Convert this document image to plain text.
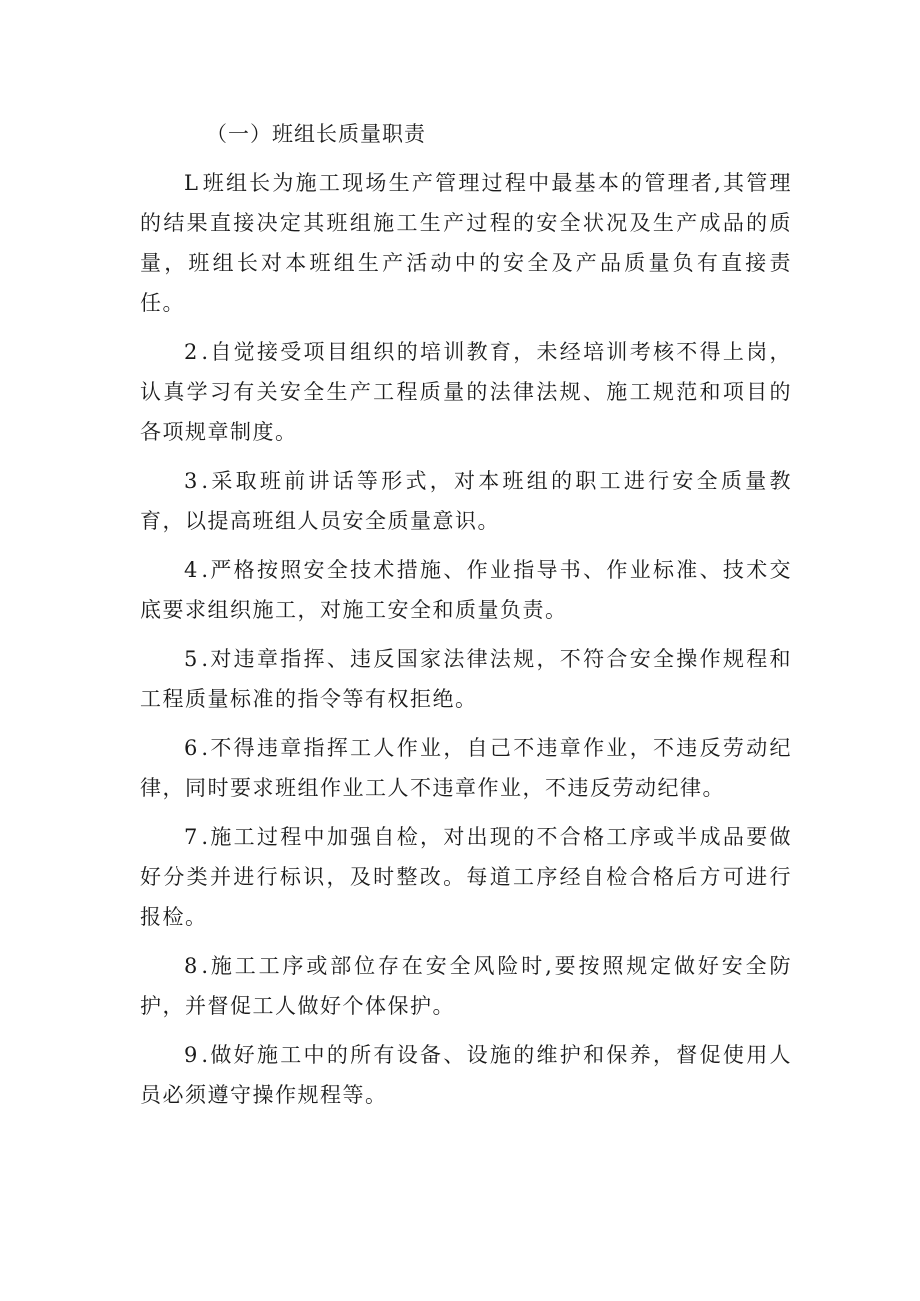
（一）班组长质量职责

L 班组长为施工现场生产管理过程中最基本的管理者,其管理的结果直接决定其班组施工生产过程的安全状况及生产成品的质量，班组长对本班组生产活动中的安全及产品质量负有直接责任。

2 .自觉接受项目组织的培训教育，未经培训考核不得上岗，认真学习有关安全生产工程质量的法律法规、施工规范和项目的各项规章制度。

3 .采取班前讲话等形式，对本班组的职工进行安全质量教育，以提高班组人员安全质量意识。

4 .严格按照安全技术措施、作业指导书、作业标准、技术交底要求组织施工，对施工安全和质量负责。

5 .对违章指挥、违反国家法律法规，不符合安全操作规程和工程质量标准的指令等有权拒绝。

6 .不得违章指挥工人作业，自己不违章作业，不违反劳动纪律，同时要求班组作业工人不违章作业，不违反劳动纪律。

7 .施工过程中加强自检，对出现的不合格工序或半成品要做好分类并进行标识，及时整改。每道工序经自检合格后方可进行报检。

8 .施工工序或部位存在安全风险时,要按照规定做好安全防护，并督促工人做好个体保护。

9 .做好施工中的所有设备、设施的维护和保养，督促使用人员必须遵守操作规程等。
